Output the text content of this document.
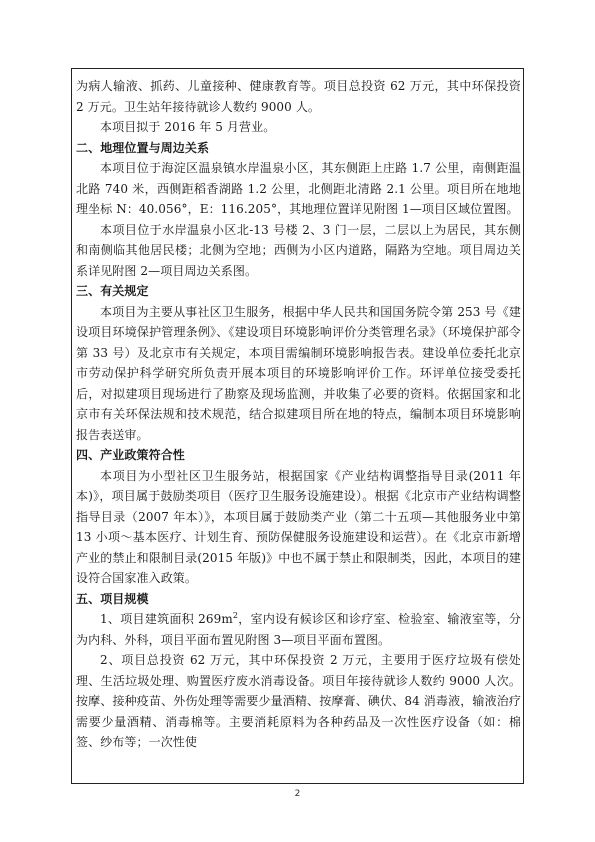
为病人输液、抓药、儿童接种、健康教育等。项目总投资 62 万元，其中环保投资 2 万元。卫生站年接待就诊人数约 9000 人。

本项目拟于 2016 年 5 月营业。

二、地理位置与周边关系

本项目位于海淀区温泉镇水岸温泉小区，其东侧距上庄路 1.7 公里，南侧距温北路 740 米，西侧距稻香湖路 1.2 公里，北侧距北清路 2.1 公里。项目所在地地理坐标 N：40.056°，E：116.205°，其地理位置详见附图 1—项目区域位置图。

本项目位于水岸温泉小区北-13 号楼 2、3 门一层，二层以上为居民，其东侧和南侧临其他居民楼；北侧为空地；西侧为小区内道路，隔路为空地。项目周边关系详见附图 2—项目周边关系图。

三、有关规定

本项目为主要从事社区卫生服务，根据中华人民共和国国务院令第 253 号《建设项目环境保护管理条例》、《建设项目环境影响评价分类管理名录》（环境保护部令第 33 号）及北京市有关规定，本项目需编制环境影响报告表。建设单位委托北京市劳动保护科学研究所负责开展本项目的环境影响评价工作。环评单位接受委托后，对拟建项目现场进行了勘察及现场监测，并收集了必要的资料。依据国家和北京市有关环保法规和技术规范，结合拟建项目所在地的特点，编制本项目环境影响报告表送审。

四、产业政策符合性

本项目为小型社区卫生服务站，根据国家《产业结构调整指导目录(2011 年本)》，项目属于鼓励类项目（医疗卫生服务设施建设）。根据《北京市产业结构调整指导目录（2007 年本）》，本项目属于鼓励类产业（第二十五项—其他服务业中第 13 小项～基本医疗、计划生育、预防保健服务设施建设和运营）。在《北京市新增产业的禁止和限制目录(2015 年版)》中也不属于禁止和限制类，因此，本项目的建设符合国家准入政策。

五、项目规模

1、项目建筑面积 $269m^2$，室内设有候诊区和诊疗室、检验室、输液室等，分为内科、外科，项目平面布置见附图 3—项目平面布置图。

2、项目总投资 62 万元，其中环保投资 2 万元，主要用于医疗垃圾有偿处理、生活垃圾处理、购置医疗废水消毒设备。项目年接待就诊人数约 9000 人次。按摩、接种疫苗、外伤处理等需要少量酒精、按摩膏、碘伏、84 消毒液，输液治疗需要少量酒精、消毒棉等。主要消耗原料为各种药品及一次性医疗设备（如：棉签、纱布等；一次性使

2
